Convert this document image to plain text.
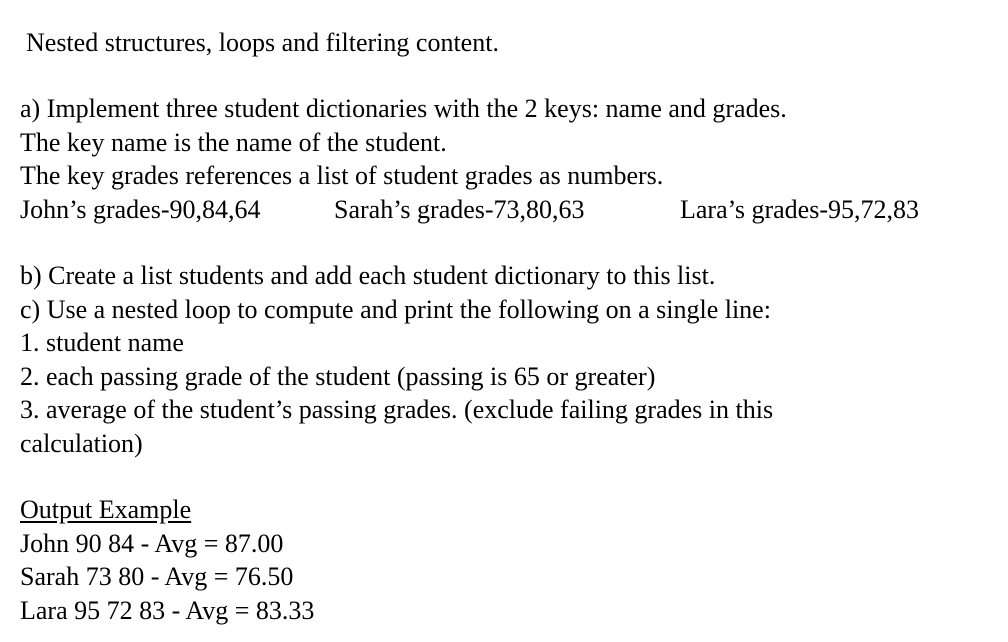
Nested structures, loops and filtering content.
a) Implement three student dictionaries with the 2 keys: name and grades.
The key name is the name of the student.
The key grades references a list of student grades as numbers.
John’s grades-90,84,64	Sarah’s grades-73,80,63	Lara’s grades-95,72,83
b) Create a list students and add each student dictionary to this list.
c) Use a nested loop to compute and print the following on a single line:
1. student name
2. each passing grade of the student (passing is 65 or greater)
3. average of the student’s passing grades. (exclude failing grades in this
calculation)
Output Example
John 90 84 - Avg = 87.00
Sarah 73 80 - Avg = 76.50
Lara 95 72 83 - Avg = 83.33
